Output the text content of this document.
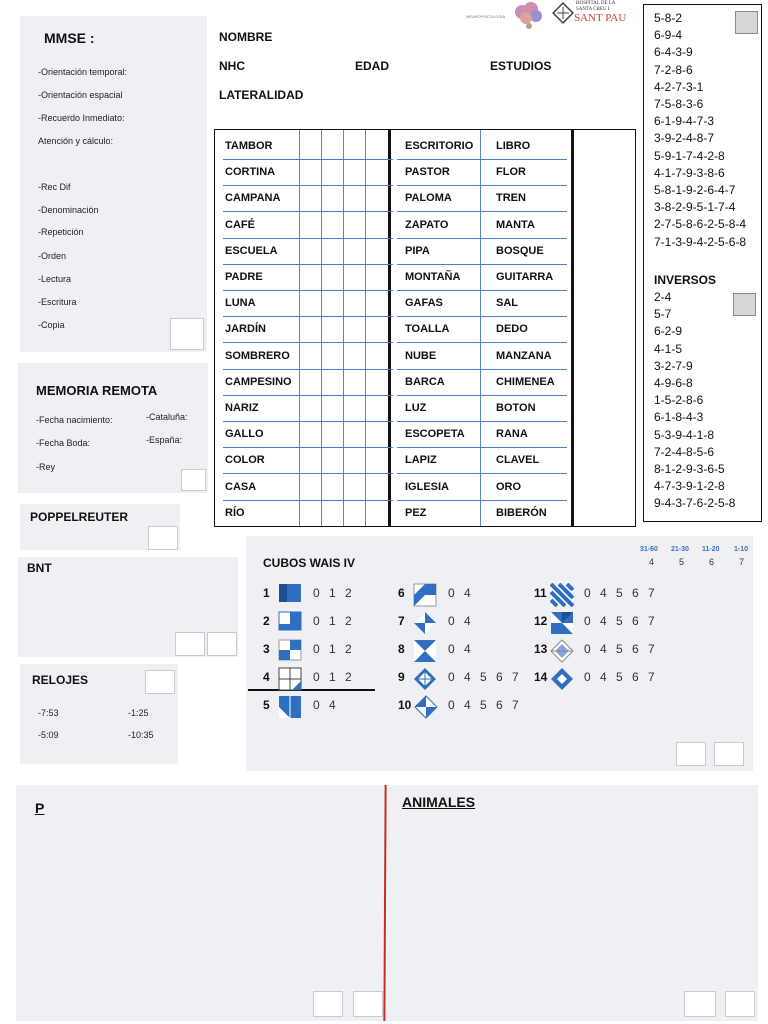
NEUROPSICOLOGIA
HOSPITAL DE LA
SANTA CREU I
SANT PAU
NOMBRE
NHC	EDAD	ESTUDIOS
LATERALIDAD
MMSE :
-Orientación temporal:
-Orientación espacial
-Recuerdo Inmediato:
Atención y cálculo:
-Rec Dif
-Denominación
-Repetición
-Orden
-Lectura
-Escritura
-Copia
MEMORIA REMOTA
-Fecha nacimiento:
-Fecha Boda:
-Rey
-Cataluña:
-España:
POPPELREUTER
BNT
RELOJES
-7:53	-1:25
-5:09	-10:35
TAMBOR	ESCRITORIO LIBRO
CORTINA	PASTOR	FLOR
CAMPANA	PALOMA	TREN
CAFÉ	ZAPATO	MANTA
ESCUELA	PIPA	BOSQUE
PADRE	MONTAÑA	GUITARRA
LUNA	GAFAS	SAL
JARDÍN	TOALLA	DEDO
SOMBRERO	NUBE	MANZANA
CAMPESINO	BARCA	CHIMENEA
NARIZ	LUZ	BOTON
GALLO	ESCOPETA	RANA
COLOR	LAPIZ	CLAVEL
CASA	IGLESIA	ORO
RÍO	PEZ	BIBERÓN
5-8-2
6-9-4
6-4-3-9
7-2-8-6
4-2-7-3-1
7-5-8-3-6
6-1-9-4-7-3
3-9-2-4-8-7
5-9-1-7-4-2-8
4-1-7-9-3-8-6
5-8-1-9-2-6-4-7
3-8-2-9-5-1-7-4
2-7-5-8-6-2-5-8-4
7-1-3-9-4-2-5-6-8
INVERSOS
2-4
5-7
6-2-9
4-1-5
3-2-7-9
4-9-6-8
1-5-2-8-6
6-1-8-4-3
5-3-9-4-1-8
7-2-4-8-5-6
8-1-2-9-3-6-5
4-7-3-9-1-2-8
9-4-3-7-6-2-5-8
CUBOS WAIS IV
31-60 21-30 11-20 1-10
4	5	6	7
1	0 1 2
2	0 1 2
3	0 1 2
4	0 1 2
5	0 4
6	0 4
7	0 4
8	0 4
9	0 4 5 6 7
10	0 4 5 6 7
11	0 4 5 6 7
12	0 4 5 6 7
13	0 4 5 6 7
14	0 4 5 6 7
P	ANIMALES
